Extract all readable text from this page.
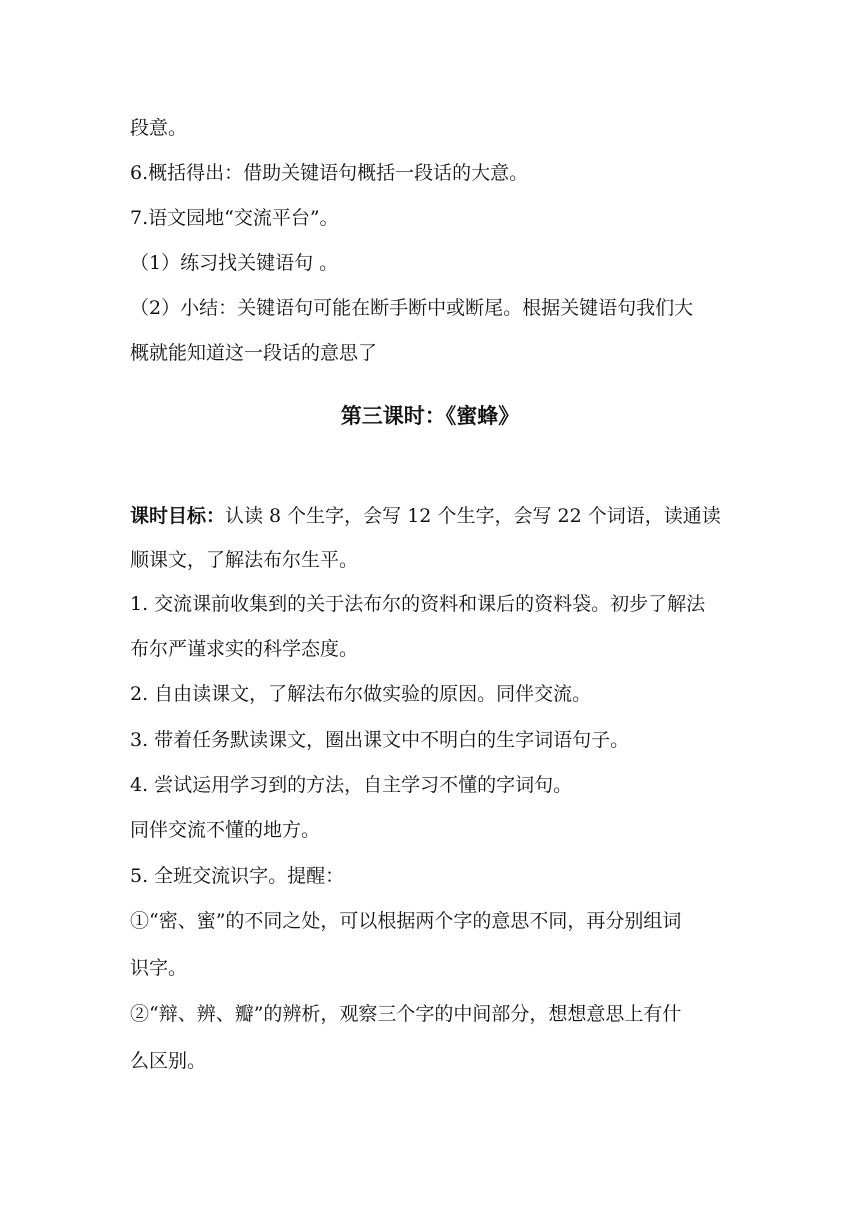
段意。
6.概括得出：借助关键语句概括一段话的大意。
7.语文园地“交流平台”。
（1）练习找关键语句 。
（2）小结：关键语句可能在断手断中或断尾。根据关键语句我们大
概就能知道这一段话的意思了
第三课时：《蜜蜂》
课时目标：认读 8 个生字，会写 12 个生字，会写 22 个词语，读通读
顺课文，了解法布尔生平。
1. 交流课前收集到的关于法布尔的资料和课后的资料袋。初步了解法
布尔严谨求实的科学态度。
2. 自由读课文，了解法布尔做实验的原因。同伴交流。
3. 带着任务默读课文，圈出课文中不明白的生字词语句子。
4. 尝试运用学习到的方法，自主学习不懂的字词句。
同伴交流不懂的地方。
5. 全班交流识字。提醒：
①“密、蜜”的不同之处，可以根据两个字的意思不同，再分别组词
识字。
②“辩、辨、瓣”的辨析，观察三个字的中间部分，想想意思上有什
么区别。
